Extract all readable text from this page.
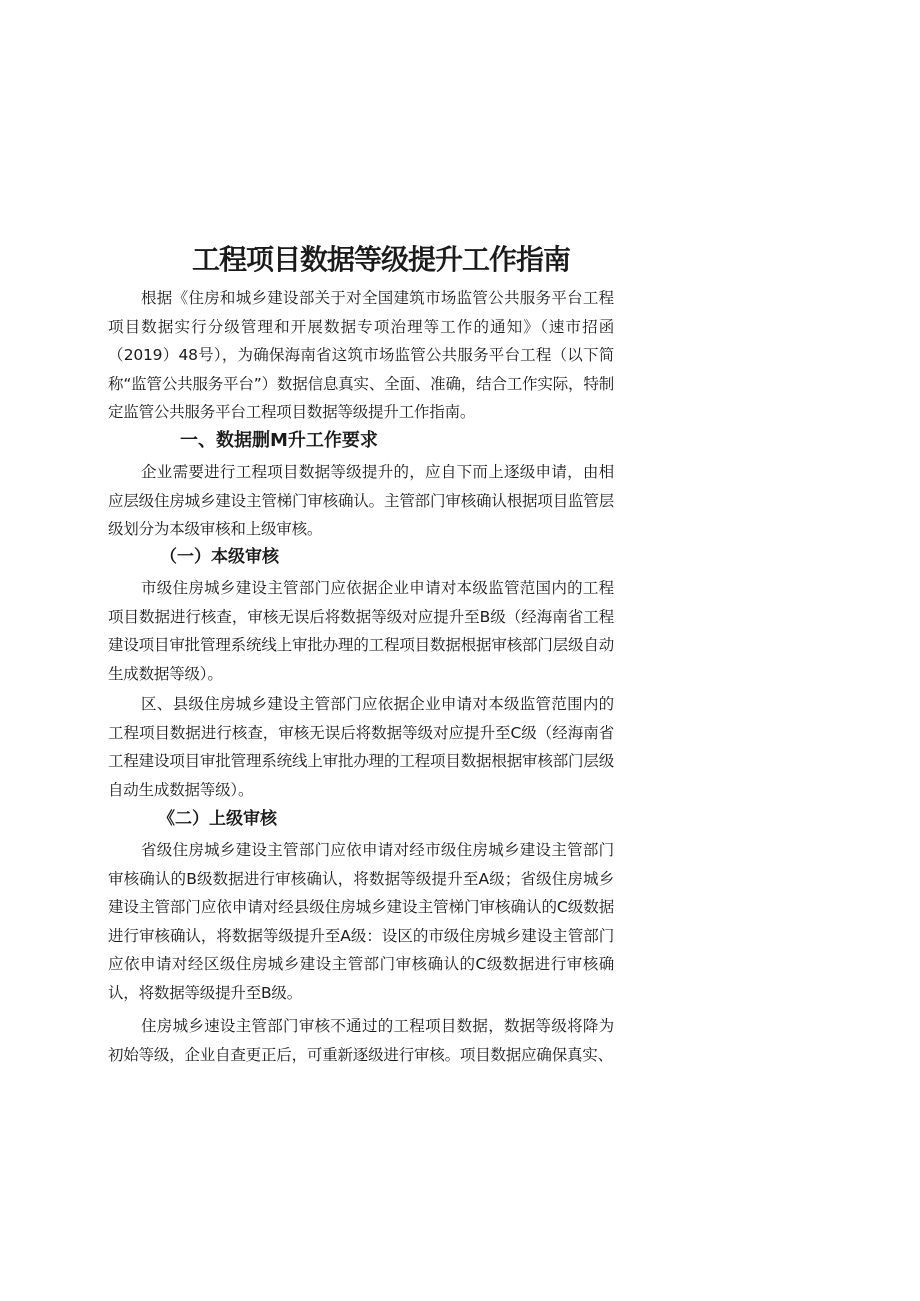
工程项目数据等级提升工作指南

根据《住房和城乡建设部关于对全国建筑市场监管公共服务平台工程项目数据实行分级管理和开展数据专项治理等工作的通知》（速市招函（2019）48号），为确保海南省这筑市场监管公共服务平台工程（以下简称“监管公共服务平台”）数据信息真实、全面、准确，结合工作实际，特制定监管公共服务平台工程项目数据等级提升工作指南。

一、数据删M升工作要求

企业需要进行工程项目数据等级提升的，应自下而上逐级申请，由相应层级住房城乡建设主管梯门审核确认。主管部门审核确认根据项目监管层级划分为本级审核和上级审核。

（一）本级审核

市级住房城乡建设主管部门应依据企业申请对本级监管范国内的工程项目数据进行核查，审核无误后将数据等级对应提升至B级（经海南省工程建设项目审批管理系统线上审批办理的工程项目数据根据审核部门层级自动生成数据等级）。

区、县级住房城乡建设主管部门应依据企业申请对本级监管范围内的工程项目数据进行核查，审核无误后将数据等级对应提升至C级（经海南省工程建设项目审批管理系统线上审批办理的工程项目数据根据审核部门层级自动生成数据等级）。

《二）上级审核

省级住房城乡建设主管部门应依申请对经市级住房城乡建设主管部门审核确认的B级数据进行审核确认，将数据等级提升至A级；省级住房城乡建设主管部门应依申请对经县级住房城乡建设主管梯门审核确认的C级数据进行审核确认，将数据等级提升至A级：设区的市级住房城乡建设主管部门应依申请对经区级住房城乡建设主管部门审核确认的C级数据进行审核确认，将数据等级提升至B级。

住房城乡速设主管部门审核不通过的工程项目数据，数据等级将降为初始等级，企业自查更正后，可重新逐级进行审核。项目数据应确保真实、
